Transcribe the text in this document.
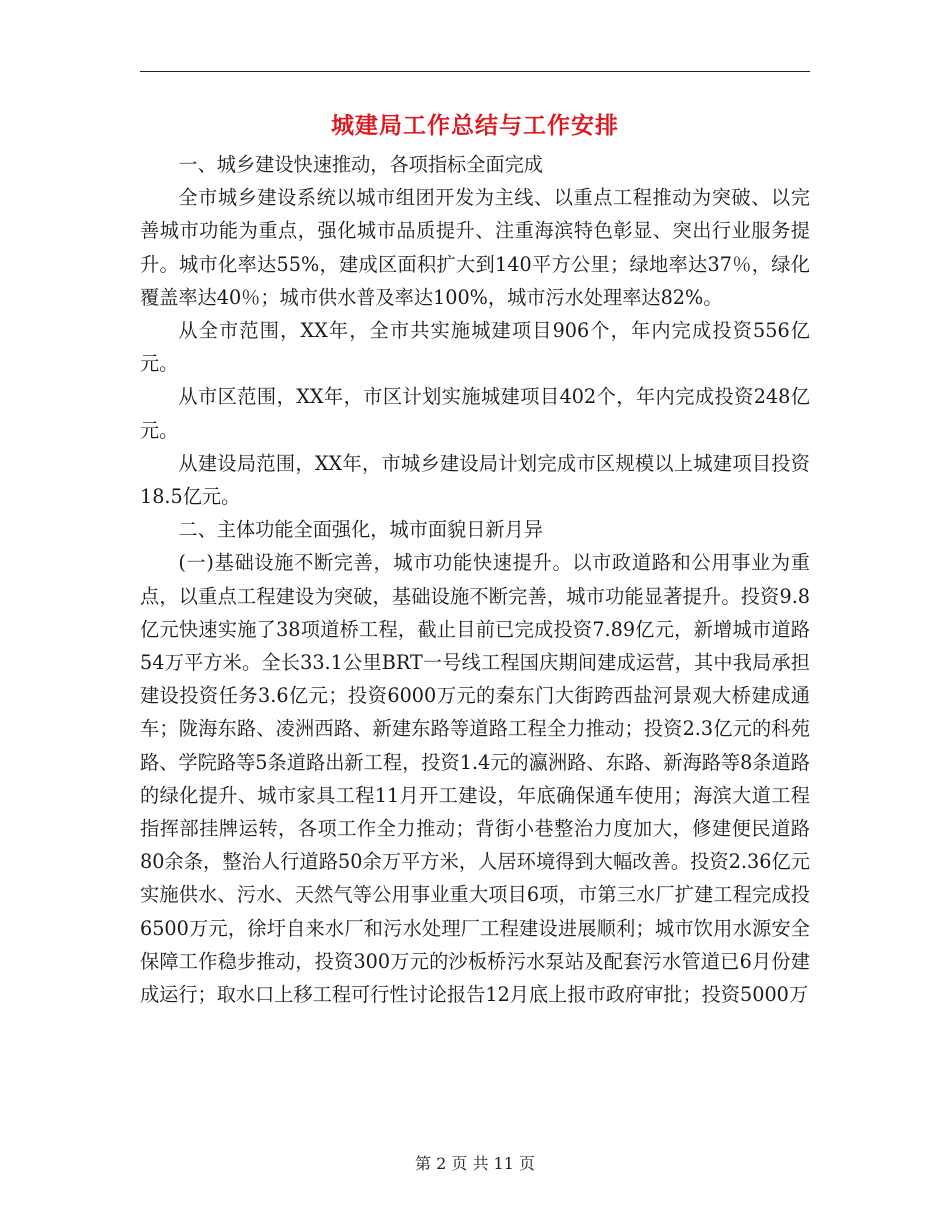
城建局工作总结与工作安排

一、城乡建设快速推动，各项指标全面完成

全市城乡建设系统以城市组团开发为主线、以重点工程推动为突破、以完善城市功能为重点，强化城市品质提升、注重海滨特色彰显、突出行业服务提升。城市化率达55%，建成区面积扩大到140平方公里；绿地率达37％，绿化覆盖率达40％；城市供水普及率达100%，城市污水处理率达82%。

从全市范围，XX年，全市共实施城建项目906个，年内完成投资556亿元。

从市区范围，XX年，市区计划实施城建项目402个，年内完成投资248亿元。

从建设局范围，XX年，市城乡建设局计划完成市区规模以上城建项目投资18.5亿元。

二、主体功能全面强化，城市面貌日新月异

(一)基础设施不断完善，城市功能快速提升。以市政道路和公用事业为重点，以重点工程建设为突破，基础设施不断完善，城市功能显著提升。投资9.8亿元快速实施了38项道桥工程，截止目前已完成投资7.89亿元，新增城市道路54万平方米。全长33.1公里BRT一号线工程国庆期间建成运营，其中我局承担建设投资任务3.6亿元；投资6000万元的秦东门大街跨西盐河景观大桥建成通车；陇海东路、凌洲西路、新建东路等道路工程全力推动；投资2.3亿元的科苑路、学院路等5条道路出新工程，投资1.4元的瀛洲路、东路、新海路等8条道路的绿化提升、城市家具工程11月开工建设，年底确保通车使用；海滨大道工程指挥部挂牌运转，各项工作全力推动；背街小巷整治力度加大，修建便民道路80余条，整治人行道路50余万平方米，人居环境得到大幅改善。投资2.36亿元实施供水、污水、天然气等公用事业重大项目6项，市第三水厂扩建工程完成投6500万元，徐圩自来水厂和污水处理厂工程建设进展顺利；城市饮用水源安全保障工作稳步推动，投资300万元的沙板桥污水泵站及配套污水管道已6月份建成运行；取水口上移工程可行性讨论报告12月底上报市政府审批；投资5000万

第 2 页 共 11 页
